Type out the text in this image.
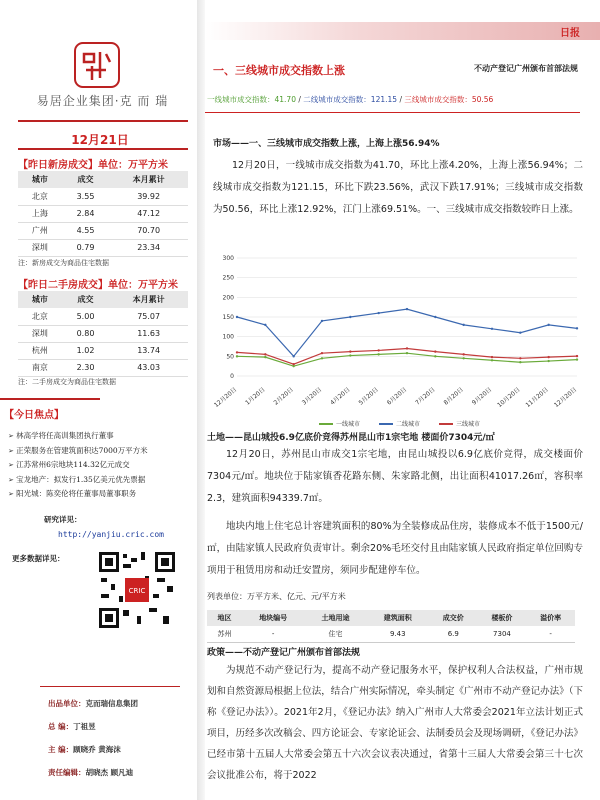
易居企业集团·克 而 瑞
12月21日
【昨日新房成交】单位：万平方米
城市	成交	本月累计
北京	3.55	39.92
上海	2.84	47.12
广州	4.55	70.70
深圳	0.79	23.34
注：新房成交为商品住宅数据
【昨日二手房成交】单位：万平方米
城市	成交	本月累计
北京	5.00	75.07
深圳	0.80	11.63
杭州	1.02	13.74
南京	2.30	43.03
注：二手房成交为商品住宅数据
【今日焦点】
➢ 林高学将任高训集团执行董事
➢ 正荣服务在管建筑面积达7000万平方米
➢ 江苏常州6宗地块114.32亿元成交
➢ 宝龙地产：拟发行1.35亿美元优先票据
➢ 阳光城：陈奕伦将任董事局董事职务
研究详见：
http://yanjiu.cric.com
更多数据详见：
CRIC
出品单位：克而瑞信息集团
总 编：丁祖昱
主 编：顾晓乔 黄海沫
责任编辑：胡晓杰 顾凡迪
日报
一、三线城市成交指数上涨	不动产登记广州颁布首部法规
一线城市成交指数：41.70 / 二线城市成交指数：121.15 / 三线城市成交指数：50.56
市场——一、三线城市成交指数上涨，上海上涨56.94%
12月20日，一线城市成交指数为41.70，环比上涨4.20%，上海上涨56.94%；二线城市成交指数为121.15，环比下跌23.56%，武汉下跌17.91%；三线城市成交指数为50.56，环比上涨12.92%，江门上涨69.51%。一、三线城市成交指数较昨日上涨。
0
50
100
150
200
250
300
12月20日 1月20日 2月20日 3月20日 4月20日 5月20日 6月20日 7月20日 8月20日 9月20日 10月20日 11月20日 12月20日
一线城市	二线城市	三线城市
土地——昆山城投6.9亿底价竞得苏州昆山市1宗宅地 楼面价7304元/㎡
12月20日，苏州昆山市成交1宗宅地，由昆山城投以6.9亿底价竞得，成交楼面价7304元/㎡。地块位于陆家镇香花路东侧、朱家路北侧，出让面积41017.26㎡，容积率2.3，建筑面积94339.7㎡。
地块内地上住宅总计容建筑面积的80%为全装修成品住房，装修成本不低于1500元/㎡，由陆家镇人民政府负责审计。剩余20%毛坯交付且由陆家镇人民政府指定单位回购专项用于租赁用房和动迁安置房，须同步配建停车位。
列表单位：万平方米、亿元、元/平方米
地区	地块编号	土地用途	建筑面积	成交价	楼板价	溢价率
苏州	-	住宅	9.43	6.9	7304	-
政策——不动产登记广州颁布首部法规
为规范不动产登记行为，提高不动产登记服务水平，保护权利人合法权益，广州市规划和自然资源局根据上位法，结合广州实际情况，牵头制定《广州市不动产登记办法》（下称《登记办法》）。2021年2月，《登记办法》纳入广州市人大常委会2021年立法计划正式项目，历经多次改稿会、四方论证会、专家论证会、法制委员会及现场调研，《登记办法》已经市第十五届人大常委会第五十六次会议表决通过，省第十三届人大常委会第三十七次会议批准公布，将于2022
